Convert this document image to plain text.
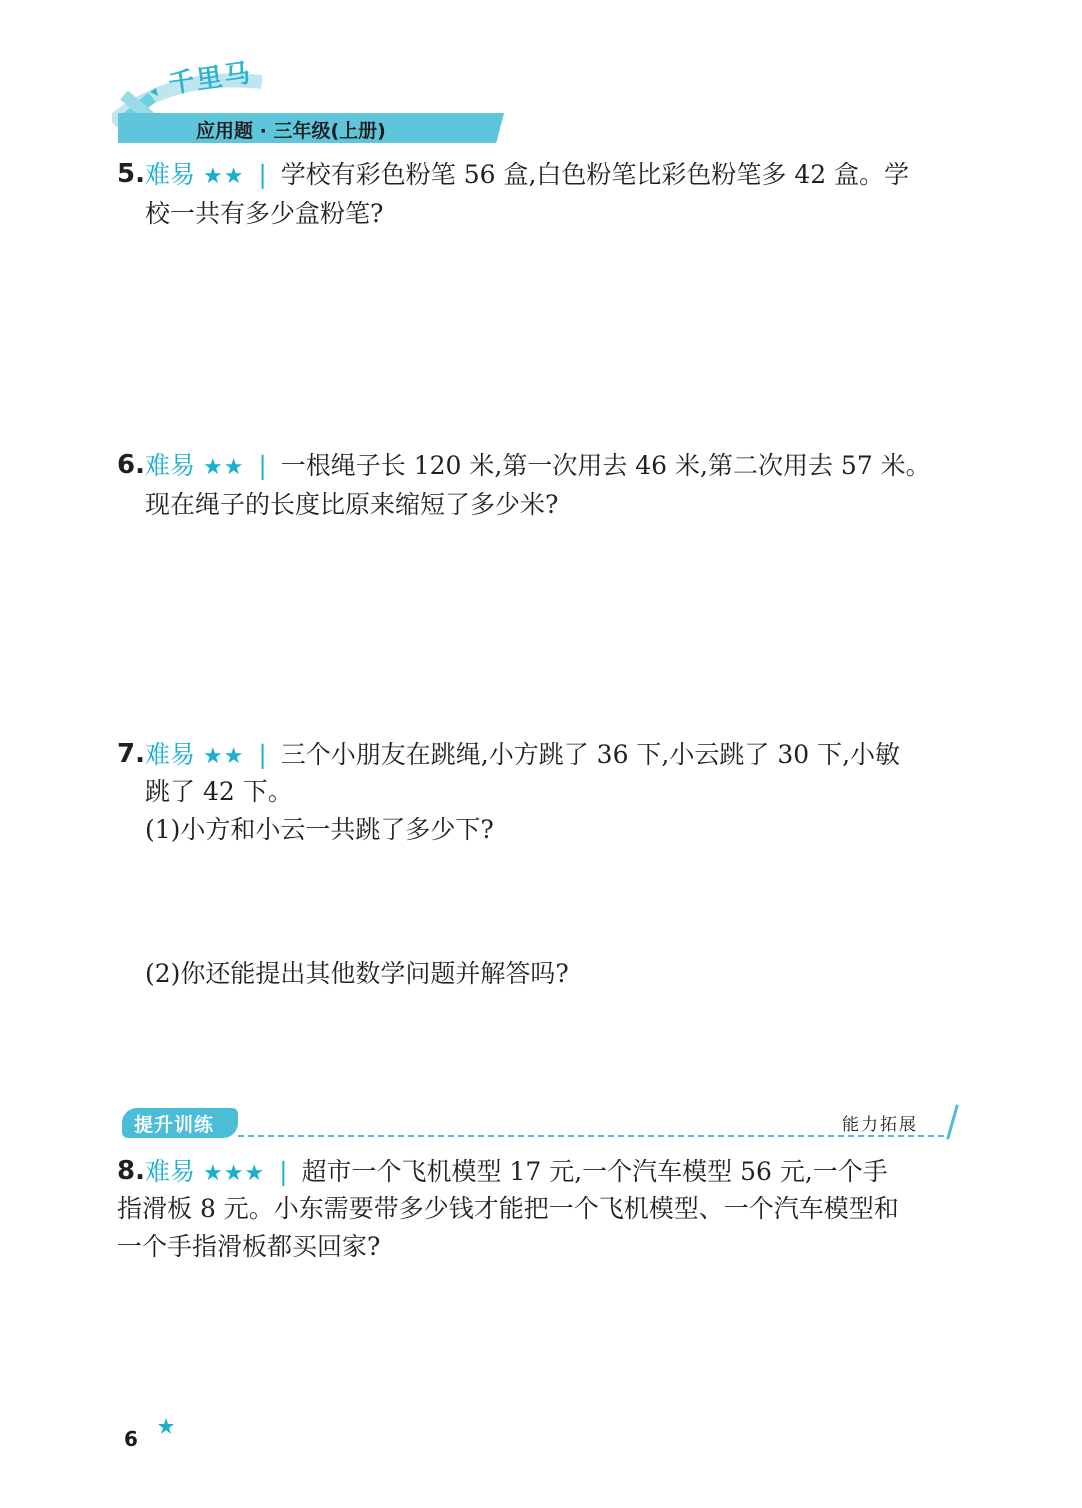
千里马
应用题 · 三年级(上册)
5. 难易 ★★ | 学校有彩色粉笔 56 盒,白色粉笔比彩色粉笔多 42 盒。学
校一共有多少盒粉笔?
6. 难易 ★★ | 一根绳子长 120 米,第一次用去 46 米,第二次用去 57 米。
现在绳子的长度比原来缩短了多少米?
7. 难易 ★★ | 三个小朋友在跳绳,小方跳了 36 下,小云跳了 30 下,小敏
跳了 42 下。
(1)小方和小云一共跳了多少下?
(2)你还能提出其他数学问题并解答吗?
提升训练	能力拓展
8. 难易 ★★★ | 超市一个飞机模型 17 元,一个汽车模型 56 元,一个手
指滑板 8 元。小东需要带多少钱才能把一个飞机模型、一个汽车模型和
一个手指滑板都买回家?
6
